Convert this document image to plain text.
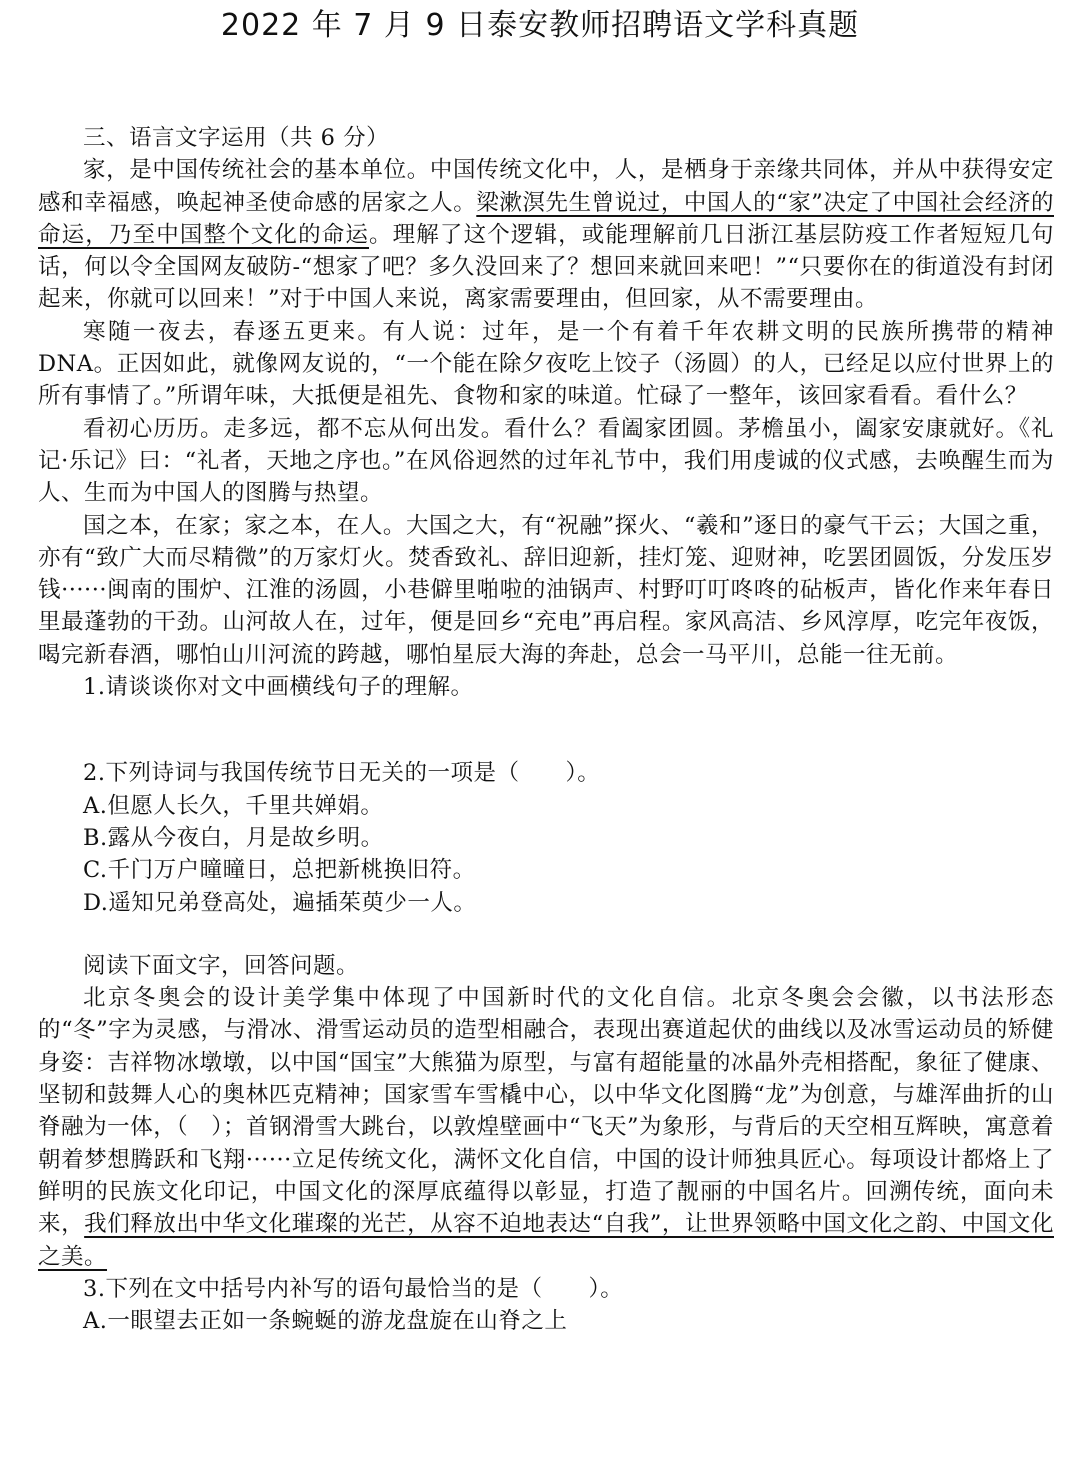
2022 年 7 月 9 日泰安教师招聘语文学科真题

三、语言文字运用（共 6 分）

家，是中国传统社会的基本单位。中国传统文化中，人，是栖身于亲缘共同体，并从中获得安定感和幸福感，唤起神圣使命感的居家之人。梁漱溟先生曾说过，中国人的“家”决定了中国社会经济的命运，乃至中国整个文化的命运。理解了这个逻辑，或能理解前几日浙江基层防疫工作者短短几句话，何以令全国网友破防-“想家了吧？多久没回来了？想回来就回来吧！”“只要你在的街道没有封闭起来，你就可以回来！”对于中国人来说，离家需要理由，但回家，从不需要理由。

寒随一夜去，春逐五更来。有人说：过年，是一个有着千年农耕文明的民族所携带的精神 DNA。正因如此，就像网友说的，“一个能在除夕夜吃上饺子（汤圆）的人，已经足以应付世界上的所有事情了。”所谓年味，大抵便是祖先、食物和家的味道。忙碌了一整年，该回家看看。看什么？

看初心历历。走多远，都不忘从何出发。看什么？看阖家团圆。茅檐虽小，阖家安康就好。《礼记·乐记》曰：“礼者，天地之序也。”在风俗迥然的过年礼节中，我们用虔诚的仪式感，去唤醒生而为人、生而为中国人的图腾与热望。

国之本，在家；家之本，在人。大国之大，有“祝融”探火、“羲和”逐日的豪气干云；大国之重，亦有“致广大而尽精微”的万家灯火。焚香致礼、辞旧迎新，挂灯笼、迎财神，吃罢团圆饭，分发压岁钱······闽南的围炉、江淮的汤圆，小巷僻里啪啦的油锅声、村野叮叮咚咚的砧板声，皆化作来年春日里最蓬勃的干劲。山河故人在，过年，便是回乡“充电”再启程。家风高洁、乡风淳厚，吃完年夜饭，喝完新春酒，哪怕山川河流的跨越，哪怕星辰大海的奔赴，总会一马平川，总能一往无前。

1.请谈谈你对文中画横线句子的理解。

2.下列诗词与我国传统节日无关的一项是（　　）。

A.但愿人长久，千里共婵娟。

B.露从今夜白，月是故乡明。

C.千门万户曈曈日，总把新桃换旧符。

D.遥知兄弟登高处，遍插茱萸少一人。

阅读下面文字，回答问题。

北京冬奥会的设计美学集中体现了中国新时代的文化自信。北京冬奥会会徽，以书法形态的“冬”字为灵感，与滑冰、滑雪运动员的造型相融合，表现出赛道起伏的曲线以及冰雪运动员的矫健身姿：吉祥物冰墩墩，以中国“国宝”大熊猫为原型，与富有超能量的冰晶外壳相搭配，象征了健康、坚韧和鼓舞人心的奥林匹克精神；国家雪车雪橇中心，以中华文化图腾“龙”为创意，与雄浑曲折的山脊融为一体，（　）；首钢滑雪大跳台，以敦煌壁画中“飞天”为象形，与背后的天空相互辉映，寓意着朝着梦想腾跃和飞翔······立足传统文化，满怀文化自信，中国的设计师独具匠心。每项设计都烙上了鲜明的民族文化印记，中国文化的深厚底蕴得以彰显，打造了靓丽的中国名片。回溯传统，面向未来，我们释放出中华文化璀璨的光芒，从容不迫地表达“自我”，让世界领略中国文化之韵、中国文化之美。

3.下列在文中括号内补写的语句最恰当的是（　　）。

A.一眼望去正如一条蜿蜒的游龙盘旋在山脊之上
